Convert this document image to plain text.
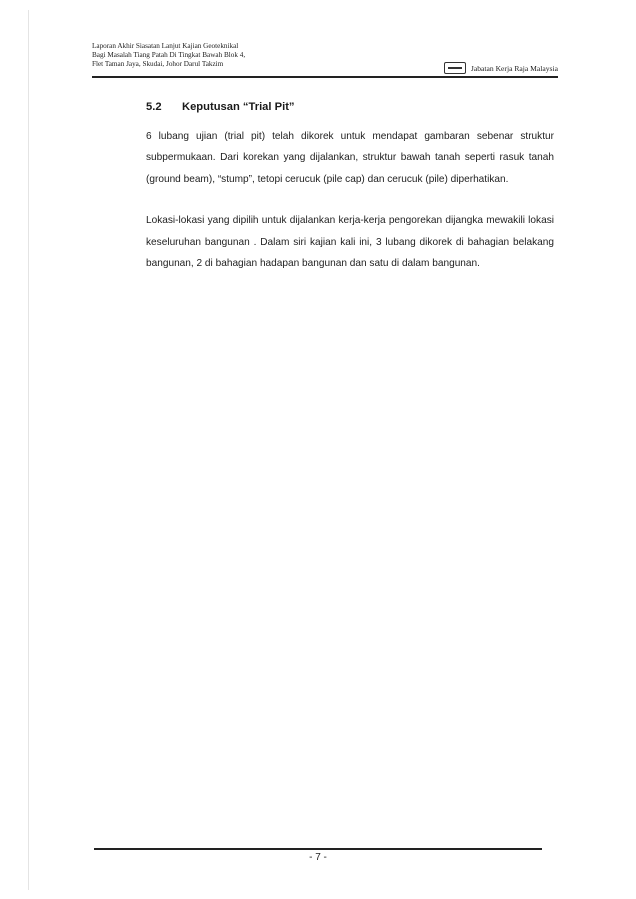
Laporan Akhir Siasatan Lanjut Kajian Geoteknikal
Bagi Masalah Tiang Patah Di Tingkat Bawah Blok 4,
Flet Taman Jaya, Skudai, Johor Darul Takzim	Jabatan Kerja Raja Malaysia
5.2	Keputusan “Trial Pit”

6 lubang ujian (trial pit) telah dikorek untuk mendapat gambaran sebenar struktur subpermukaan. Dari korekan yang dijalankan, struktur bawah tanah seperti rasuk tanah (ground beam), “stump”, tetopi cerucuk (pile cap) dan cerucuk (pile) diperhatikan.

Lokasi-lokasi yang dipilih untuk dijalankan kerja-kerja pengorekan dijangka mewakili lokasi keseluruhan bangunan . Dalam siri kajian kali ini, 3 lubang dikorek di bahagian belakang bangunan, 2 di bahagian hadapan bangunan dan satu di dalam bangunan.

- 7 -
